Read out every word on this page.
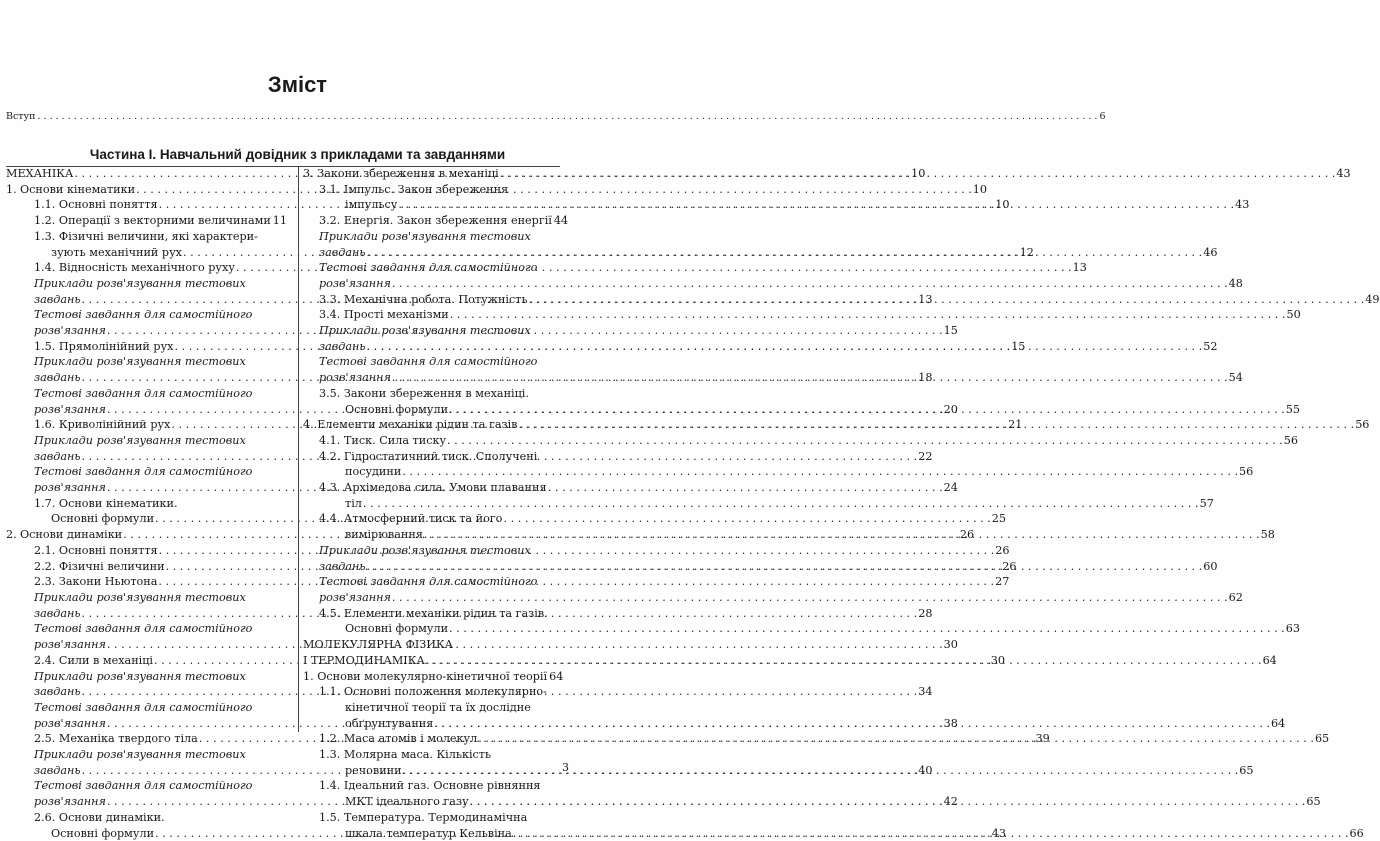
Зміст
Вступ . . . . . . . . . . . . . . . . . . . . . . . . . . . . . . . . . . . . . . . . . . . . . . . . . . . . . . . . . . . . . . . . . . . . . . . . . . . . . . . . . . . . . . . . . . . . . . . . . . . . . . . . . . . . . . . . . . . . . . . . . . . . . . . . . . . . . . . . . . . . . . . . . . . . . . . . . . . . . . . . . . . . . . . . . . . . . . . . 6
Частина І. Навчальний довідник з прикладами та завданнями
МЕХАНІКА . . .	10
1. Основи кінематики . . .	10
1.1. Основні поняття . . .	10
1.2. Операції з векторними величинами 11
1.3. Фізичні величини, які характери-
зують механічний рух . . .	12
1.4. Відносність механічного руху . . .	13
Приклади розв'язування тестових
завдань . . .	13
Тестові завдання для самостійного
розв'язання . . .	15
1.5. Прямолінійний рух . . .	15
Приклади розв'язування тестових
завдань . . .	18
Тестові завдання для самостійного
розв'язання . . .	20
1.6. Криволінійний рух . . .	21
Приклади розв'язування тестових
завдань . . .	22
Тестові завдання для самостійного
розв'язання . . .	24
1.7. Основи кінематики.
Основні формули . . .	25
2. Основи динаміки . . .	26
2.1. Основні поняття . . .	26
2.2. Фізичні величини . . .	26
2.3. Закони Ньютона . . .	27
Приклади розв'язування тестових
завдань . . .	28
Тестові завдання для самостійного
розв'язання . . .	30
2.4. Сили в механіці . . .	30
Приклади розв'язування тестових
завдань . . .	34
Тестові завдання для самостійного
розв'язання . . .	38
2.5. Механіка твердого тіла . . .	39
Приклади розв'язування тестових
завдань . . .	40
Тестові завдання для самостійного
розв'язання . . .	42
2.6. Основи динаміки.
Основні формули . . .	43
3. Закони збереження в механіці . . .	43
3.1. Імпульс. Закон збереження
імпульсу . . .	43
3.2. Енергія. Закон збереження енергії 44
Приклади розв'язування тестових
завдань . . .	46
Тестові завдання для самостійного
розв'язання . . .	48
3.3. Механічна робота. Потужність . . .	49
3.4. Прості механізми . . .	50
Приклади розв'язування тестових
завдань . . .	52
Тестові завдання для самостійного
розв'язання . . .	54
3.5. Закони збереження в механіці.
Основні формули . . .	55
4. Елементи механіки рідин та газів . . .	56
4.1. Тиск. Сила тиску . . .	56
4.2. Гідростатичний тиск. Сполучені
посудини . . .	56
4.3. Архімедова сила. Умови плавання
тіл . . .	57
4.4. Атмосферний тиск та його
вимірювання . . .	58
Приклади розв'язування тестових
завдань . . .	60
Тестові завдання для самостійного
розв'язання . . .	62
4.5. Елементи механіки рідин та газів.
Основні формули . . .	63
МОЛЕКУЛЯРНА ФІЗИКА
І ТЕРМОДИНАМІКА . . .	64
1. Основи молекулярно-кінетичної теорії 64
1.1. Основні положення молекулярно-
кінетичної теорії та їх дослідне
обґрунтування . . .	64
1.2. Маса атомів і молекул . . .	65
1.3. Молярна маса. Кількість
речовини . . .	65
1.4. Ідеальний газ. Основне рівняння
МКТ ідеального газу . . .	65
1.5. Температура. Термодинамічна
шкала температур Кельвіна . . .	66
3
